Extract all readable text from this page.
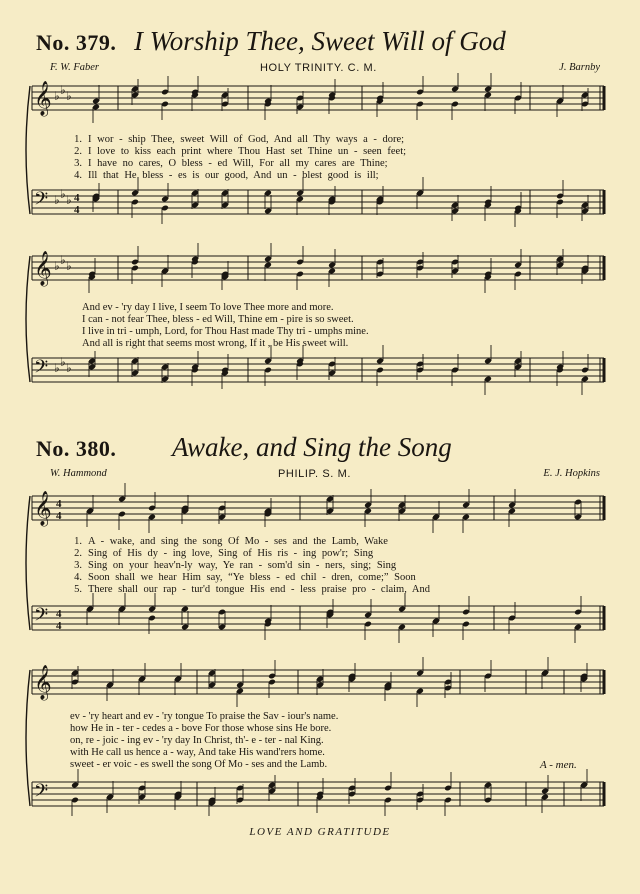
No. 379. I Worship Thee, Sweet Will of God
F. W. Faber	HOLY TRINITY. C. M.	J. Barnby
𝄞 ♭ ♭ ♭
𝄢 ♭ ♭ ♭ 4
4
𝄞 ♭ ♭ ♭
𝄢 ♭ ♭ ♭
𝄞 4
4
𝄢 4
4
𝄞
𝄢
1. I wor - ship Thee, sweet Will of God, And all Thy ways a - dore;
2. I love to kiss each print where Thou Hast set Thine un - seen feet;
3. I have no cares, O bless - ed Will, For all my cares are Thine;
4. Ill that He bless - es is our good, And un - blest good is ill;
And ev - 'ry day I live, I seem To love Thee more and more.
I can - not fear Thee, bless - ed Will, Thine em - pire is so sweet.
I live in tri - umph, Lord, for Thou Hast made Thy tri - umphs mine.
And all is right that seems most wrong, If it , be His sweet will.
No. 380. Awake, and Sing the Song
W. Hammond	PHILIP. S. M.	E. J. Hopkins
1. A - wake, and sing the song Of Mo - ses and the Lamb, Wake
2. Sing of His dy - ing love, Sing of His ris - ing pow'r; Sing
3. Sing on your heav'n-ly way, Ye ran - som'd sin - ners, sing; Sing
4. Soon shall we hear Him say, “Ye bless - ed chil - dren, come;” Soon
5. There shall our rap - tur'd tongue His end - less praise pro - claim, And
ev - 'ry heart and ev - 'ry tongue To praise the Sav - iour's name.
how He in - ter - cedes a - bove For those whose sins He bore.
on, re - joic - ing ev - 'ry day In Christ, th'- e - ter - nal King.
with He call us hence a - way, And take His wand'rers home.
sweet - er voic - es swell the song Of Mo - ses and the Lamb.	A - men.
LOVE AND GRATITUDE
